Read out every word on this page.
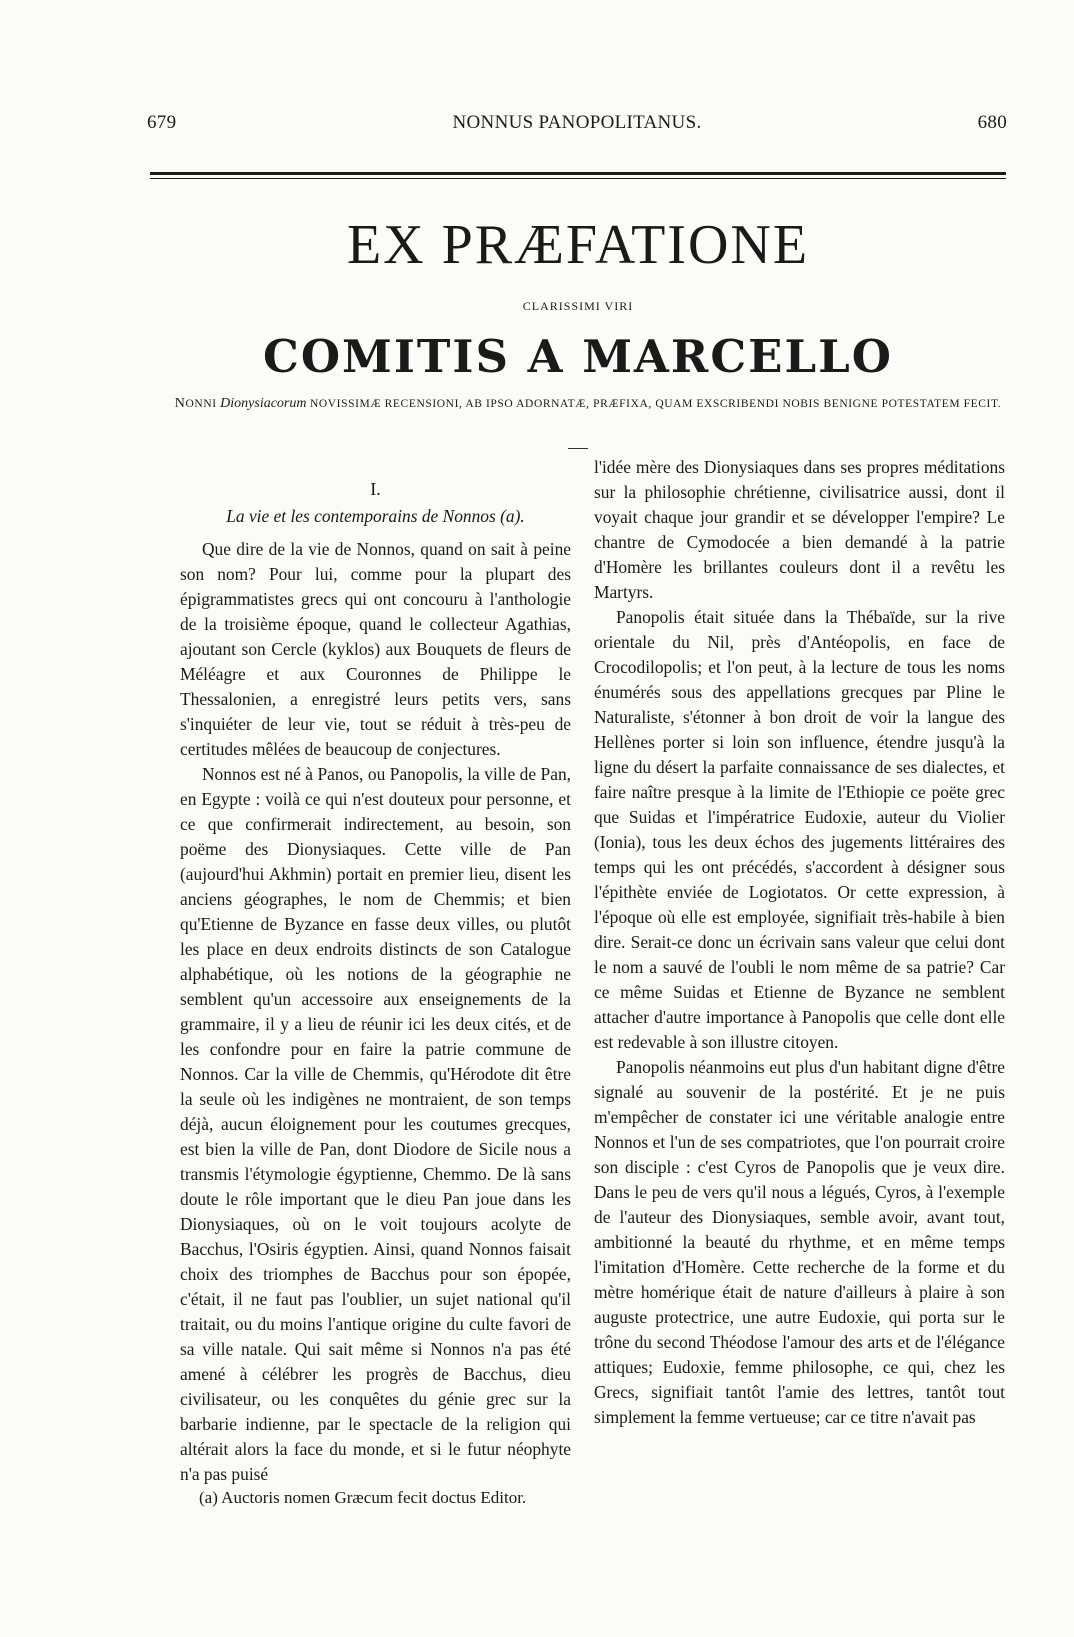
679	NONNUS PANOPOLITANUS.	680
EX PRÆFATIONE
CLARISSIMI VIRI
COMITIS A MARCELLO
NONNI Dionysiacorum NOVISSIMÆ RECENSIONI, AB IPSO ADORNATÆ, PRÆFIXA, QUAM EXSCRIBENDI NOBIS BENIGNE POTESTATEM FECIT.
I.
La vie et les contemporains de Nonnos (a).

Que dire de la vie de Nonnos, quand on sait à peine son nom? Pour lui, comme pour la plupart des épigrammatistes grecs qui ont concouru à l'anthologie de la troisième époque, quand le collecteur Agathias, ajoutant son Cercle (kyklos) aux Bouquets de fleurs de Méléagre et aux Couronnes de Philippe le Thessalonien, a enregistré leurs petits vers, sans s'inquiéter de leur vie, tout se réduit à très-peu de certitudes mêlées de beaucoup de conjectures.

Nonnos est né à Panos, ou Panopolis, la ville de Pan, en Egypte : voilà ce qui n'est douteux pour personne, et ce que confirmerait indirectement, au besoin, son poëme des Dionysiaques. Cette ville de Pan (aujourd'hui Akhmin) portait en premier lieu, disent les anciens géographes, le nom de Chemmis; et bien qu'Etienne de Byzance en fasse deux villes, ou plutôt les place en deux endroits distincts de son Catalogue alphabétique, où les notions de la géographie ne semblent qu'un accessoire aux enseignements de la grammaire, il y a lieu de réunir ici les deux cités, et de les confondre pour en faire la patrie commune de Nonnos. Car la ville de Chemmis, qu'Hérodote dit être la seule où les indigènes ne montraient, de son temps déjà, aucun éloignement pour les coutumes grecques, est bien la ville de Pan, dont Diodore de Sicile nous a transmis l'étymologie égyptienne, Chemmo. De là sans doute le rôle important que le dieu Pan joue dans les Dionysiaques, où on le voit toujours acolyte de Bacchus, l'Osiris égyptien. Ainsi, quand Nonnos faisait choix des triomphes de Bacchus pour son épopée, c'était, il ne faut pas l'oublier, un sujet national qu'il traitait, ou du moins l'antique origine du culte favori de sa ville natale. Qui sait même si Nonnos n'a pas été amené à célébrer les progrès de Bacchus, dieu civilisateur, ou les conquêtes du génie grec sur la barbarie indienne, par le spectacle de la religion qui altérait alors la face du monde, et si le futur néophyte n'a pas puisé

l'idée mère des Dionysiaques dans ses propres méditations sur la philosophie chrétienne, civilisatrice aussi, dont il voyait chaque jour grandir et se développer l'empire? Le chantre de Cymodocée a bien demandé à la patrie d'Homère les brillantes couleurs dont il a revêtu les Martyrs.

Panopolis était située dans la Thébaïde, sur la rive orientale du Nil, près d'Antéopolis, en face de Crocodilopolis; et l'on peut, à la lecture de tous les noms énumérés sous des appellations grecques par Pline le Naturaliste, s'étonner à bon droit de voir la langue des Hellènes porter si loin son influence, étendre jusqu'à la ligne du désert la parfaite connaissance de ses dialectes, et faire naître presque à la limite de l'Ethiopie ce poëte grec que Suidas et l'impératrice Eudoxie, auteur du Violier (Ionia), tous les deux échos des jugements littéraires des temps qui les ont précédés, s'accordent à désigner sous l'épithète enviée de Logiotatos. Or cette expression, à l'époque où elle est employée, signifiait très-habile à bien dire. Serait-ce donc un écrivain sans valeur que celui dont le nom a sauvé de l'oubli le nom même de sa patrie? Car ce même Suidas et Etienne de Byzance ne semblent attacher d'autre importance à Panopolis que celle dont elle est redevable à son illustre citoyen.

Panopolis néanmoins eut plus d'un habitant digne d'être signalé au souvenir de la postérité. Et je ne puis m'empêcher de constater ici une véritable analogie entre Nonnos et l'un de ses compatriotes, que l'on pourrait croire son disciple : c'est Cyros de Panopolis que je veux dire. Dans le peu de vers qu'il nous a légués, Cyros, à l'exemple de l'auteur des Dionysiaques, semble avoir, avant tout, ambitionné la beauté du rhythme, et en même temps l'imitation d'Homère. Cette recherche de la forme et du mètre homérique était de nature d'ailleurs à plaire à son auguste protectrice, une autre Eudoxie, qui porta sur le trône du second Théodose l'amour des arts et de l'élégance attiques; Eudoxie, femme philosophe, ce qui, chez les Grecs, signifiait tantôt l'amie des lettres, tantôt tout simplement la femme vertueuse; car ce titre n'avait pas

(a) Auctoris nomen Græcum fecit doctus Editor.
